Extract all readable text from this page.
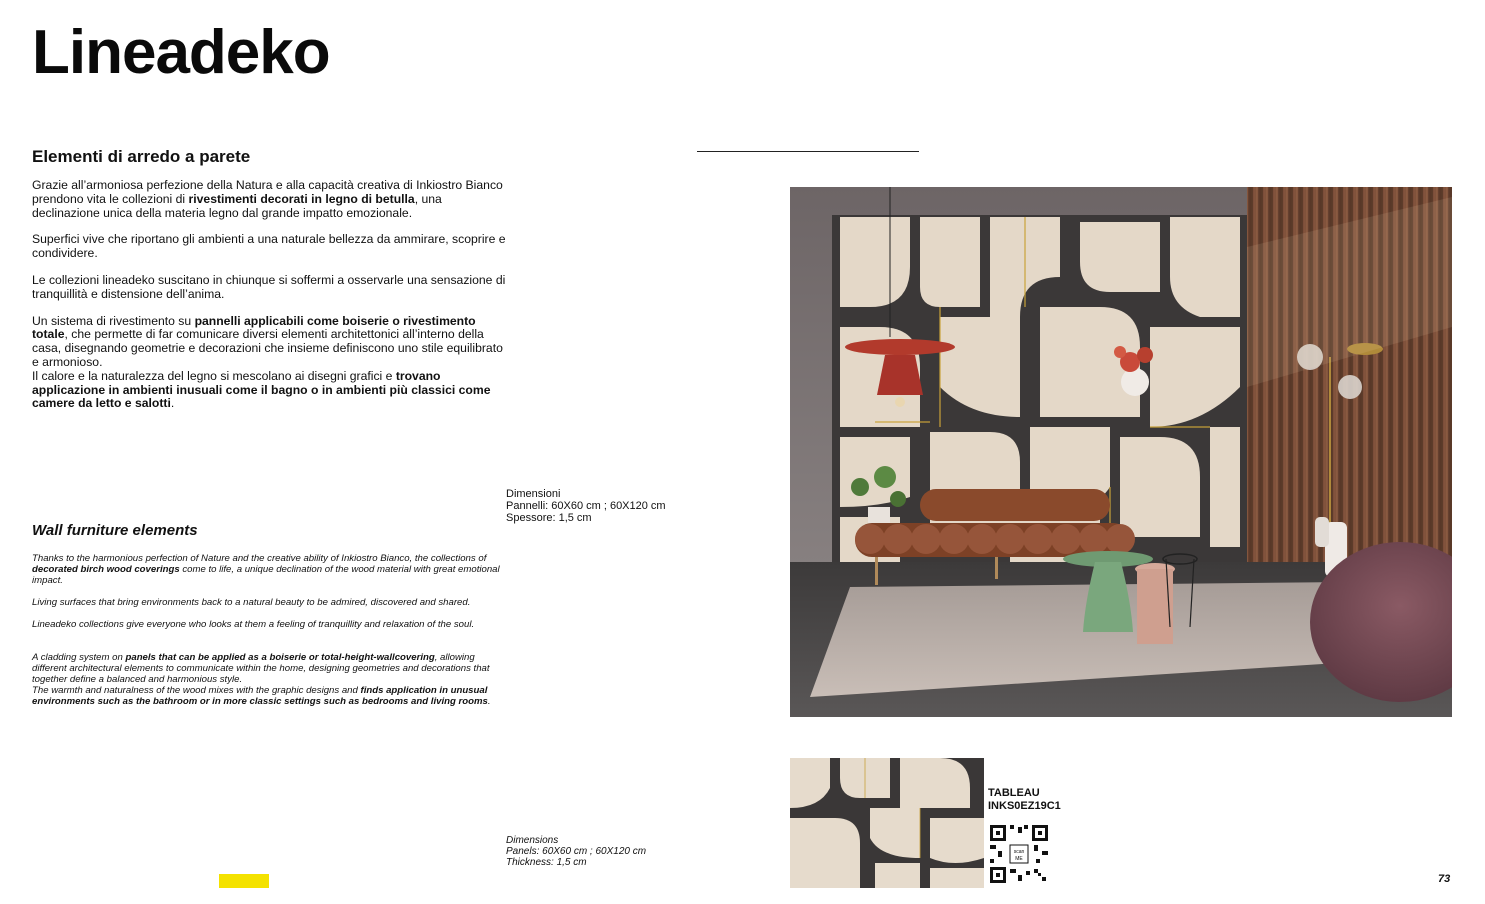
Lineadeko
Elementi di arredo a parete

Grazie all’armoniosa perfezione della Natura e alla capacità creativa di Inkiostro Bianco prendono vita le collezioni di rivestimenti decorati in legno di betulla, una declinazione unica della materia legno dal grande impatto emozionale.

Superfici vive che riportano gli ambienti a una naturale bellezza da ammirare, scoprire e condividere.

Le collezioni lineadeko suscitano in chiunque si soffermi a osservarle una sensazione di tranquillità e distensione dell’anima.

Un sistema di rivestimento su pannelli applicabili come boiserie o rivestimento totale, che permette di far comunicare diversi elementi architettonici all’interno della casa, disegnando geometrie e decorazioni che insieme definiscono uno stile equilibrato e armonioso.

Il calore e la naturalezza del legno si mescolano ai disegni grafici e trovano applicazione in ambienti inusuali come il bagno o in ambienti più classici come camere da letto e salotti.

Dimensioni
Pannelli: 60X60 cm ; 60X120 cm
Spessore: 1,5 cm
Wall furniture elements

Thanks to the harmonious perfection of Nature and the creative ability of Inkiostro Bianco, the collections of decorated birch wood coverings come to life, a unique declination of the wood material with great emotional impact.

Living surfaces that bring environments back to a natural beauty to be admired, discovered and shared.

Lineadeko collections give everyone who looks at them a feeling of tranquillity and relaxation of the soul.

A cladding system on panels that can be applied as a boiserie or total-height-wallcovering, allowing different architectural elements to communicate within the home, designing geometries and decorations that together define a balanced and harmonious style.

The warmth and naturalness of the wood mixes with the graphic designs and finds application in unusual environments such as the bathroom or in more classic settings such as bedrooms and living rooms.

Dimensions
Panels: 60X60 cm ; 60X120 cm
Thickness: 1,5 cm
TABLEAU
INKS0EZ19C1
scan
ME
73
